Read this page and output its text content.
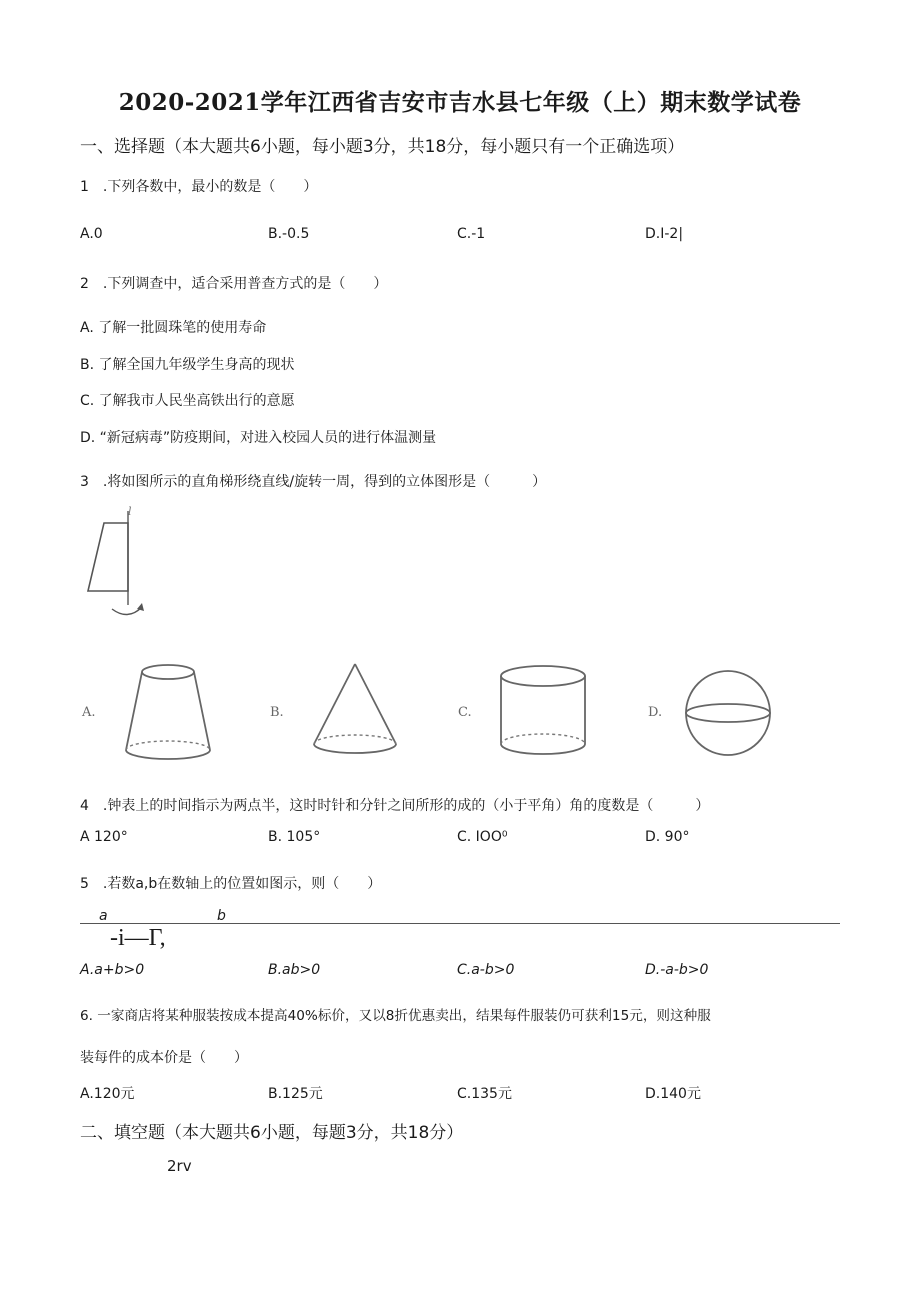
2020-2021学年江西省吉安市吉水县七年级（上）期末数学试卷
一、选择题（本大题共6小题，每小题3分，共18分，每小题只有一个正确选项）
1　.下列各数中，最小的数是（　　）
A.0	B.-0.5	C.-1	D.I-2|
2　.下列调查中，适合采用普查方式的是（　　）
A. 了解一批圆珠笔的使用寿命
B. 了解全国九年级学生身高的现状
C. 了解我市人民坐高铁出行的意愿
D. “新冠病毒”防疫期间，对进入校园人员的进行体温测量
3　.将如图所示的直角梯形绕直线/旋转一周，得到的立体图形是（　　　）
l
A.	B.	C.	D.
4　.钟表上的时间指示为两点半，这时时针和分针之间所形的成的（小于平角）角的度数是（　　　）
A 120°	B. 105°	C. IOO⁰	D. 90°
5　.若数a,b在数轴上的位置如图示，则（　　）
a	b
-i—Γ,
A.a+b>0	B.ab>0	C.a-b>0	D.-a-b>0
6. 一家商店将某种服装按成本提高40%标价，又以8折优惠卖出，结果每件服装仍可获利15元，则这种服
装每件的成本价是（　　）
A.120元	B.125元	C.135元	D.140元
二、填空题（本大题共6小题，每题3分，共18分）
2rv
